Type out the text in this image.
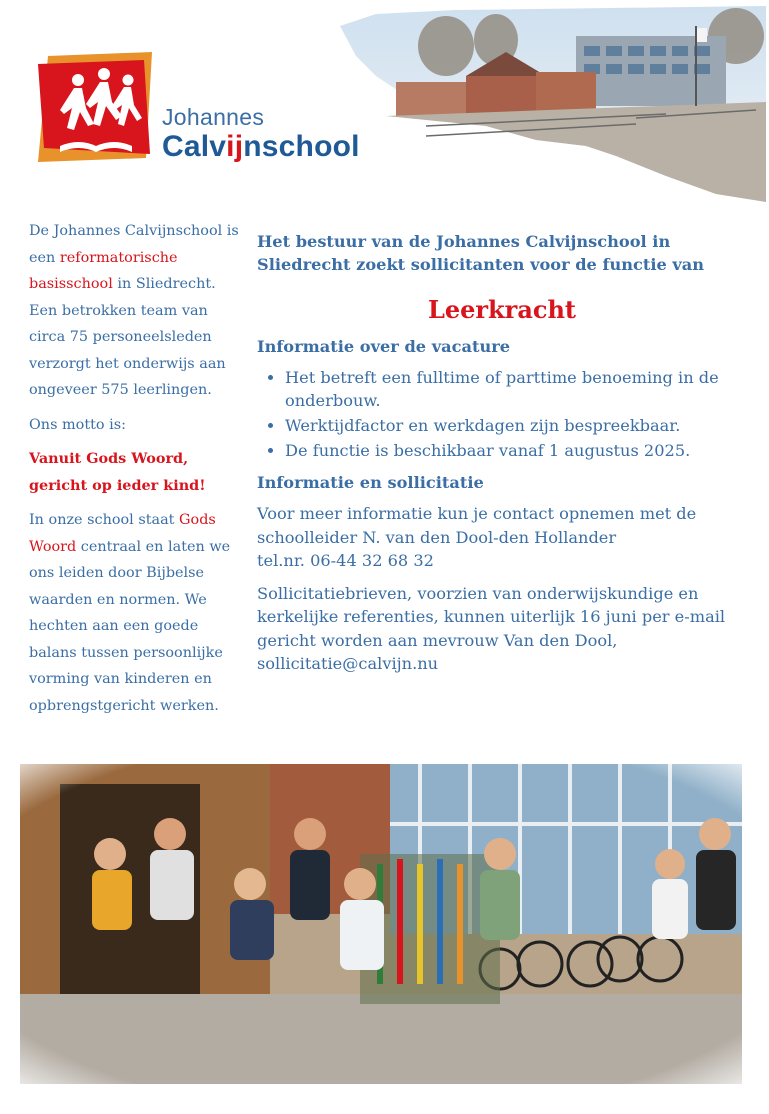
Johannes
Calvijnschool

De Johannes Calvijnschool is een reformatorische basisschool in Sliedrecht. Een betrokken team van circa 75 personeelsleden verzorgt het onderwijs aan ongeveer 575 leerlingen.

Ons motto is:

Vanuit Gods Woord, gericht op ieder kind!

In onze school staat Gods Woord centraal en laten we ons leiden door Bijbelse waarden en normen. We hechten aan een goede balans tussen persoonlijke vorming van kinderen en opbrengstgericht werken.

Het bestuur van de Johannes Calvijnschool in Sliedrecht zoekt sollicitanten voor de functie van

Leerkracht
Informatie over de vacature
• Het betreft een fulltime of parttime benoeming in de onderbouw.
• Werktijdfactor en werkdagen zijn bespreekbaar.
• De functie is beschikbaar vanaf 1 augustus 2025.
Informatie en sollicitatie

Voor meer informatie kun je contact opnemen met de schoolleider N. van den Dool-den Hollander
tel.nr. 06-44 32 68 32

Sollicitatiebrieven, voorzien van onderwijskundige en kerkelijke referenties, kunnen uiterlijk 16 juni per e-mail gericht worden aan mevrouw Van den Dool, sollicitatie@calvijn.nu
